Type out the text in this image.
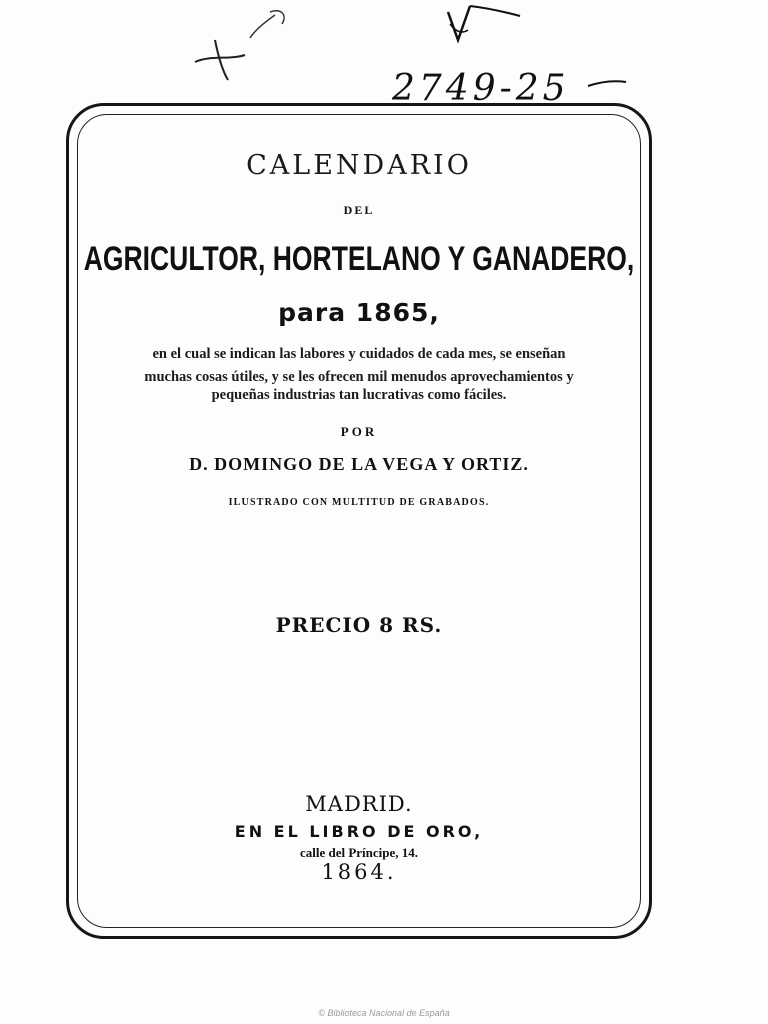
2749-25
CALENDARIO
DEL
AGRICULTOR, HORTELANO Y GANADERO,
para 1865,
en el cual se indican las labores y cuidados de cada mes, se enseñan
muchas cosas útiles, y se les ofrecen mil menudos aprovechamientos y
pequeñas industrias tan lucrativas como fáciles.
POR
D. DOMINGO DE LA VEGA Y ORTIZ.
ILUSTRADO CON MULTITUD DE GRABADOS.
PRECIO 8 RS.
MADRID.
EN EL LIBRO DE ORO,
calle del Príncipe, 14.
1864.
© Biblioteca Nacional de España
